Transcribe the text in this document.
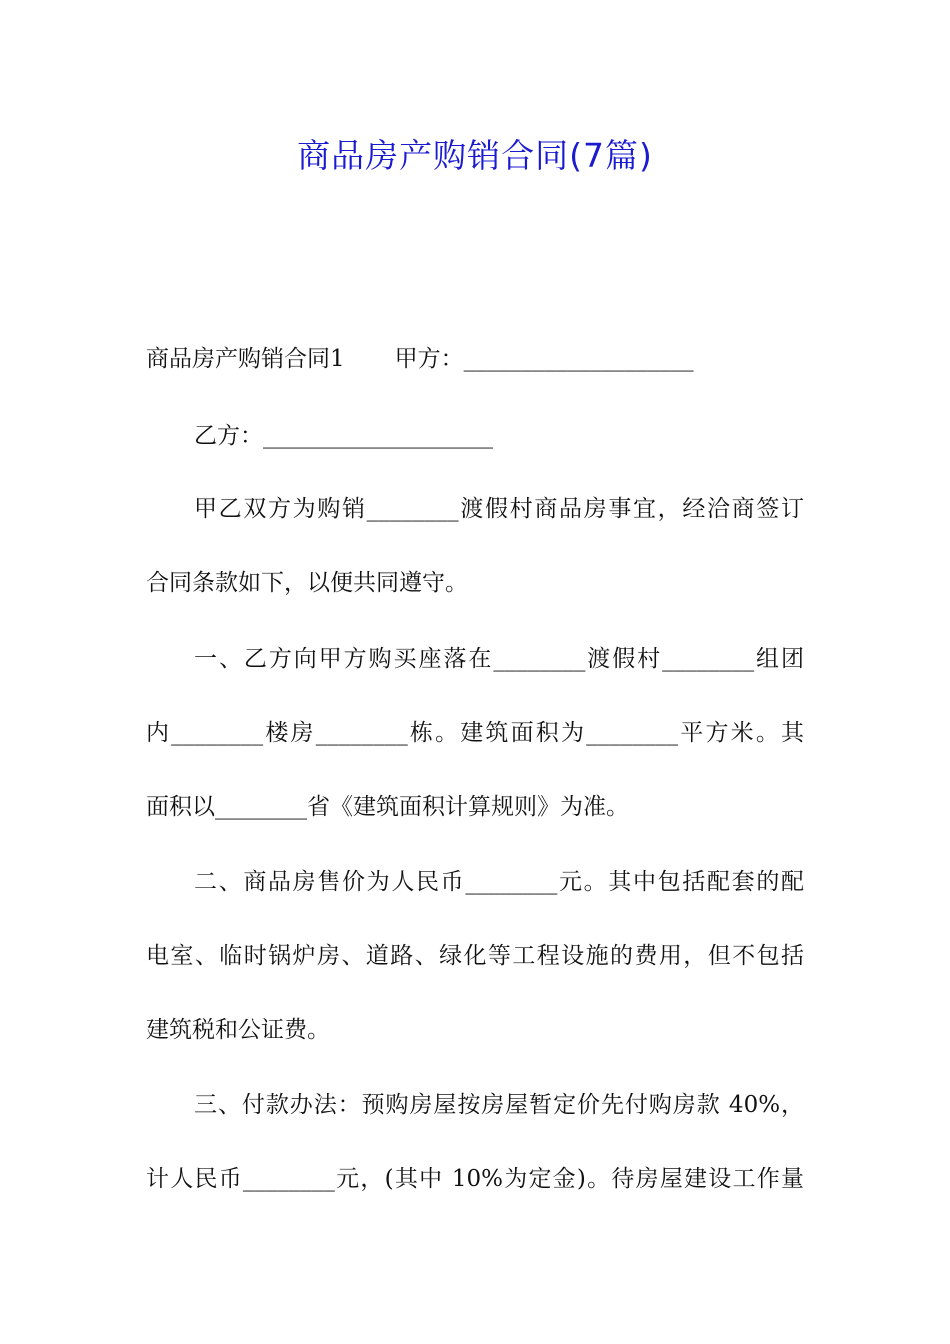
商品房产购销合同(7篇)
商品房产购销合同1 甲方：____________________
乙方：____________________
甲乙双方为购销________渡假村商品房事宜，经洽商签订
合同条款如下，以便共同遵守。
一、乙方向甲方购买座落在________渡假村________组团
内________楼房________栋。建筑面积为________平方米。其
面积以________省《建筑面积计算规则》为准。
二、商品房售价为人民币________元。其中包括配套的配
电室、临时锅炉房、道路、绿化等工程设施的费用，但不包括
建筑税和公证费。
三、付款办法：预购房屋按房屋暂定价先付购房款 40%，
计人民币________元，(其中 10%为定金)。待房屋建设工作量
